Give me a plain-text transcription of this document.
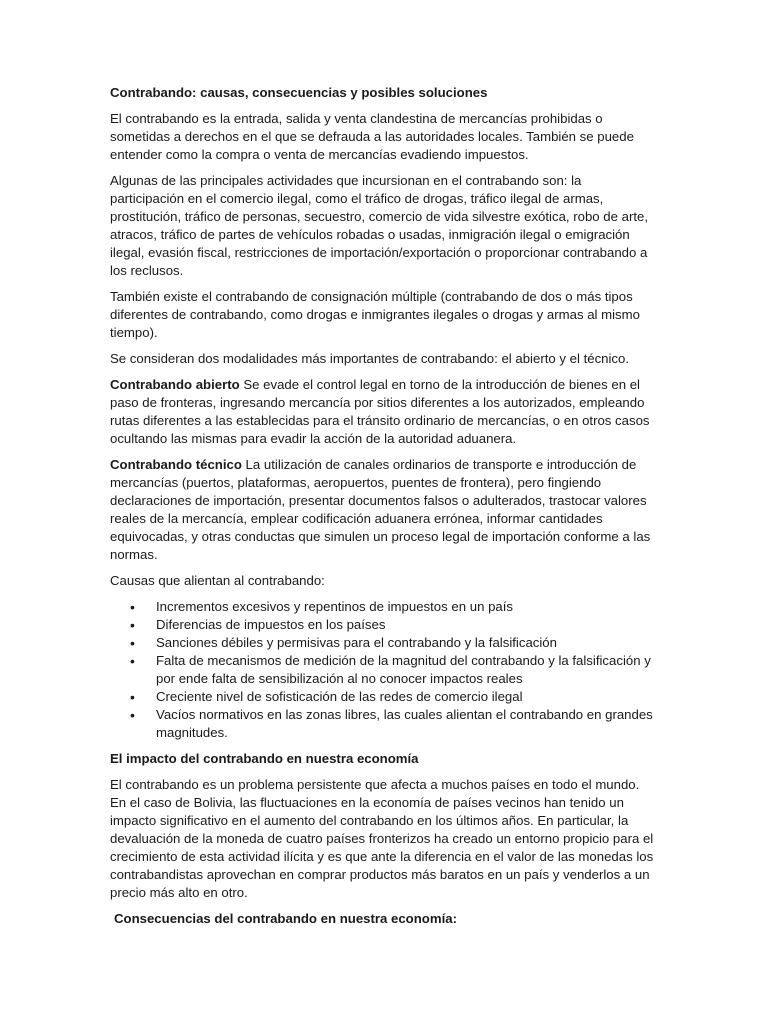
Contrabando: causas, consecuencias y posibles soluciones

El contrabando es la entrada, salida y venta clandestina de mercancías prohibidas o sometidas a derechos en el que se defrauda a las autoridades locales. También se puede entender como la compra o venta de mercancías evadiendo impuestos.

Algunas de las principales actividades que incursionan en el contrabando son: la participación en el comercio ilegal, como el tráfico de drogas, tráfico ilegal de armas, prostitución, tráfico de personas, secuestro, comercio de vida silvestre exótica, robo de arte, atracos, tráfico de partes de vehículos robadas o usadas, inmigración ilegal o emigración ilegal, evasión fiscal, restricciones de importación/exportación o proporcionar contrabando a los reclusos.

También existe el contrabando de consignación múltiple (contrabando de dos o más tipos diferentes de contrabando, como drogas e inmigrantes ilegales o drogas y armas al mismo tiempo).

Se consideran dos modalidades más importantes de contrabando: el abierto y el técnico.

Contrabando abierto Se evade el control legal en torno de la introducción de bienes en el paso de fronteras, ingresando mercancía por sitios diferentes a los autorizados, empleando rutas diferentes a las establecidas para el tránsito ordinario de mercancías, o en otros casos ocultando las mismas para evadir la acción de la autoridad aduanera.

Contrabando técnico La utilización de canales ordinarios de transporte e introducción de mercancías (puertos, plataformas, aeropuertos, puentes de frontera), pero fingiendo declaraciones de importación, presentar documentos falsos o adulterados, trastocar valores reales de la mercancía, emplear codificación aduanera errónea, informar cantidades equivocadas, y otras conductas que simulen un proceso legal de importación conforme a las normas.

Causas que alientan al contrabando:

• Incrementos excesivos y repentinos de impuestos en un país
• Diferencias de impuestos en los países
• Sanciones débiles y permisivas para el contrabando y la falsificación
• Falta de mecanismos de medición de la magnitud del contrabando y la falsificación y por ende falta de sensibilización al no conocer impactos reales
• Creciente nivel de sofisticación de las redes de comercio ilegal
• Vacíos normativos en las zonas libres, las cuales alientan el contrabando en grandes magnitudes.

El impacto del contrabando en nuestra economía

El contrabando es un problema persistente que afecta a muchos países en todo el mundo. En el caso de Bolivia, las fluctuaciones en la economía de países vecinos han tenido un impacto significativo en el aumento del contrabando en los últimos años. En particular, la devaluación de la moneda de cuatro países fronterizos ha creado un entorno propicio para el crecimiento de esta actividad ilícita y es que ante la diferencia en el valor de las monedas los contrabandistas aprovechan en comprar productos más baratos en un país y venderlos a un precio más alto en otro.

Consecuencias del contrabando en nuestra economía:
